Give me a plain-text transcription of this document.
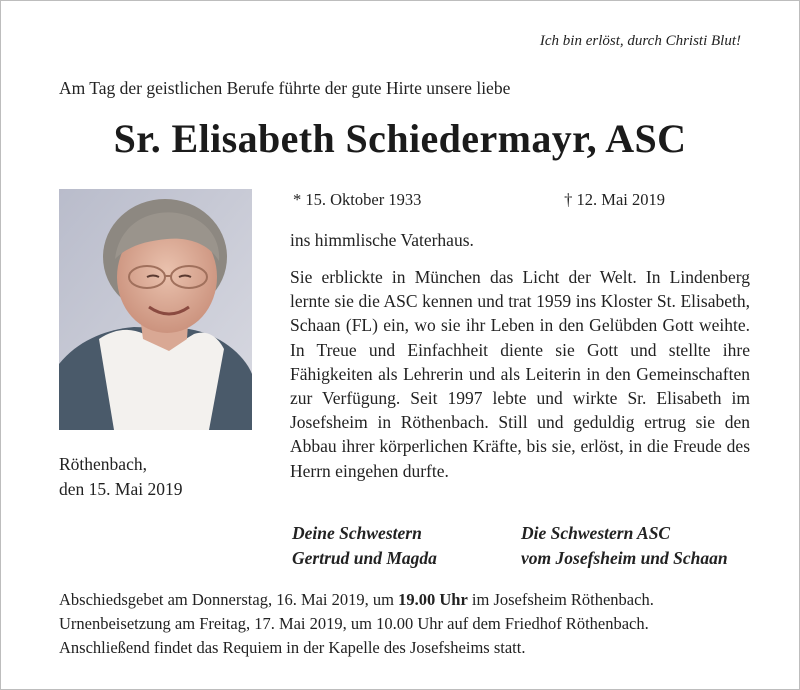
Ich bin erlöst, durch Christi Blut!
Am Tag der geistlichen Berufe führte der gute Hirte unsere liebe
Sr. Elisabeth Schiedermayr, ASC
* 15. Oktober 1933	† 12. Mai 2019
ins himmlische Vaterhaus.
Sie erblickte in München das Licht der Welt. In Lindenberg lernte sie die ASC kennen und trat 1959 ins Kloster St. Elisabeth, Schaan (FL) ein, wo sie ihr Leben in den Gelübden Gott weihte. In Treue und Einfachheit diente sie Gott und stellte ihre Fähigkeiten als Lehrerin und als Leiterin in den Gemeinschaften zur Verfügung. Seit 1997 lebte und wirkte Sr. Elisabeth im Josefsheim in Röthenbach. Still und geduldig ertrug sie den Abbau ihrer körperlichen Kräfte, bis sie, erlöst, in die Freude des Herrn eingehen durfte.
Röthenbach,
den 15. Mai 2019
Deine Schwestern
Gertrud und Magda
Die Schwestern ASC
vom Josefsheim und Schaan
Abschiedsgebet am Donnerstag, 16. Mai 2019, um 19.00 Uhr im Josefsheim Röthenbach.
Urnenbeisetzung am Freitag, 17. Mai 2019, um 10.00 Uhr auf dem Friedhof Röthenbach.
Anschließend findet das Requiem in der Kapelle des Josefsheims statt.
